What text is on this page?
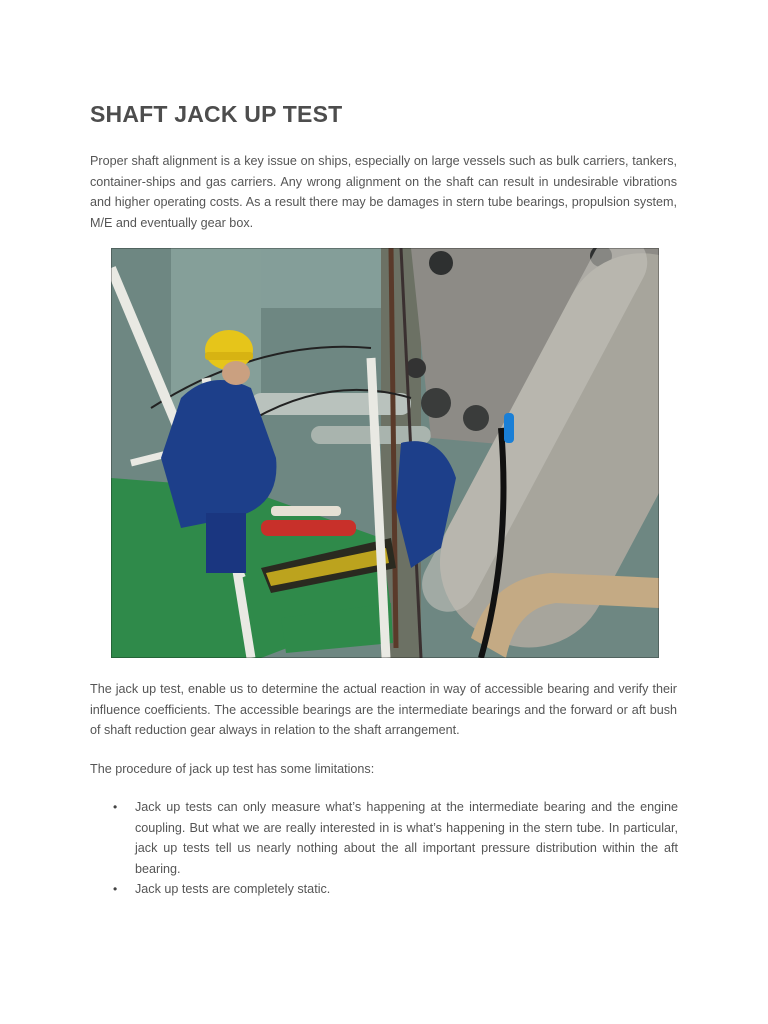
SHAFT JACK UP TEST

Proper shaft alignment is a key issue on ships, especially on large vessels such as bulk carriers, tankers, container-ships and gas carriers. Any wrong alignment on the shaft can result in undesirable vibrations and higher operating costs. As a result there may be damages in stern tube bearings, propulsion system, M/E and eventually gear box.

The jack up test, enable us to determine the actual reaction in way of accessible bearing and verify their influence coefficients. The accessible bearings are the intermediate bearings and the forward or aft bush of shaft reduction gear always in relation to the shaft arrangement.

The procedure of jack up test has some limitations:

• Jack up tests can only measure what’s happening at the intermediate bearing and the engine coupling. But what we are really interested in is what’s happening in the stern tube. In particular, jack up tests tell us nearly nothing about the all important pressure distribution within the aft bearing.
• Jack up tests are completely static.
